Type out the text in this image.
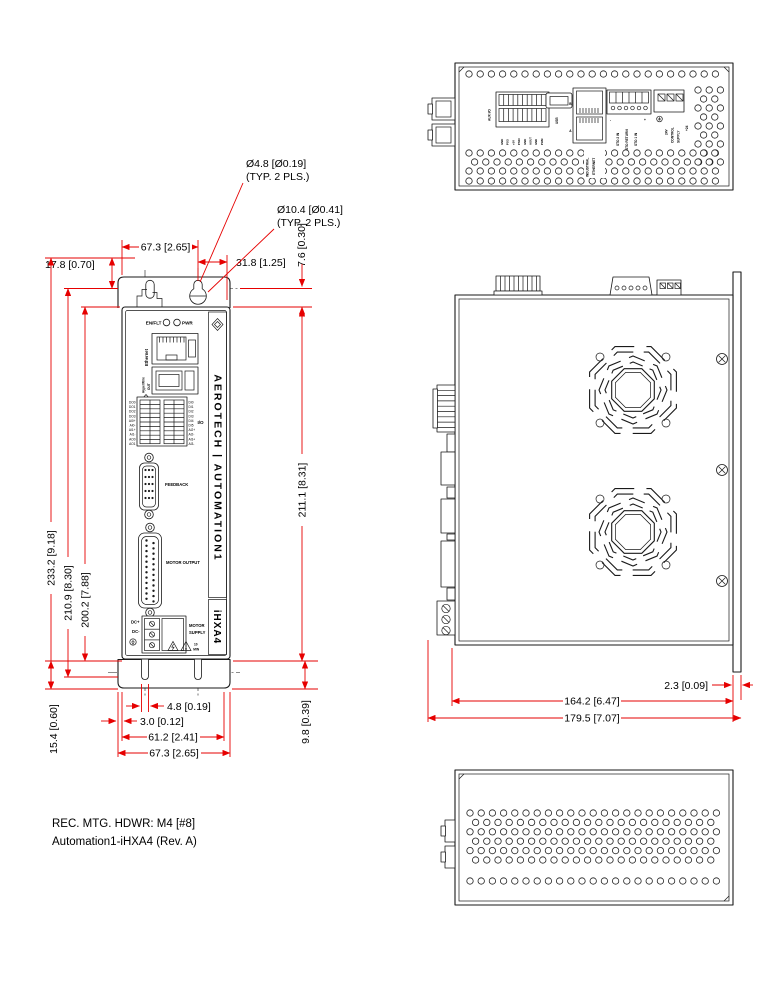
AEROTECH | AUTOMATION1
iHXA4
EN/FLT	PWR
Ethernet
HyperWire OUT
DO0
DO1
DO2
DO3
AI0+
AI0-
AI1+
AI1-
AO0
AO1
DI0
DI1
DI2
DI3
DI4
DI5
AI2+
AI2-
AI3+
AI3-
I/O
FEEDBACK
MOTOR OUTPUT
DC+
DC-
MOTOR
SUPPLY
10
MIN
67.3 [2.65]
17.8 [0.70]	31.8 [1.25] 7.6 [0.30]
233.2 [9.18]
210.9 [8.30] 200.2 [7.88]
211.1 [8.31]
9.8 [0.39]
15.4 [0.60]	4.8 [0.19]
3.0 [0.12]
61.2 [2.41]
67.3 [2.65]
Ø4.8 [Ø0.19]
(TYP. 2 PLS.)
Ø10.4 [Ø0.41]
(TYP. 2 PLS.)
2.3 [0.09]
164.2 [6.47]
179.5 [7.07]
AUX I/O
GND PSO +5V PSDI GND AOUT GND PWR
USB
B
A
INDUSTRIAL ETHERNET
-
STO 2 IN STO RETURN STO 1 IN
+
24V CONTROL SUPPLY
+24
REC. MTG. HDWR: M4 [#8]
Automation1-iHXA4 (Rev. A)
